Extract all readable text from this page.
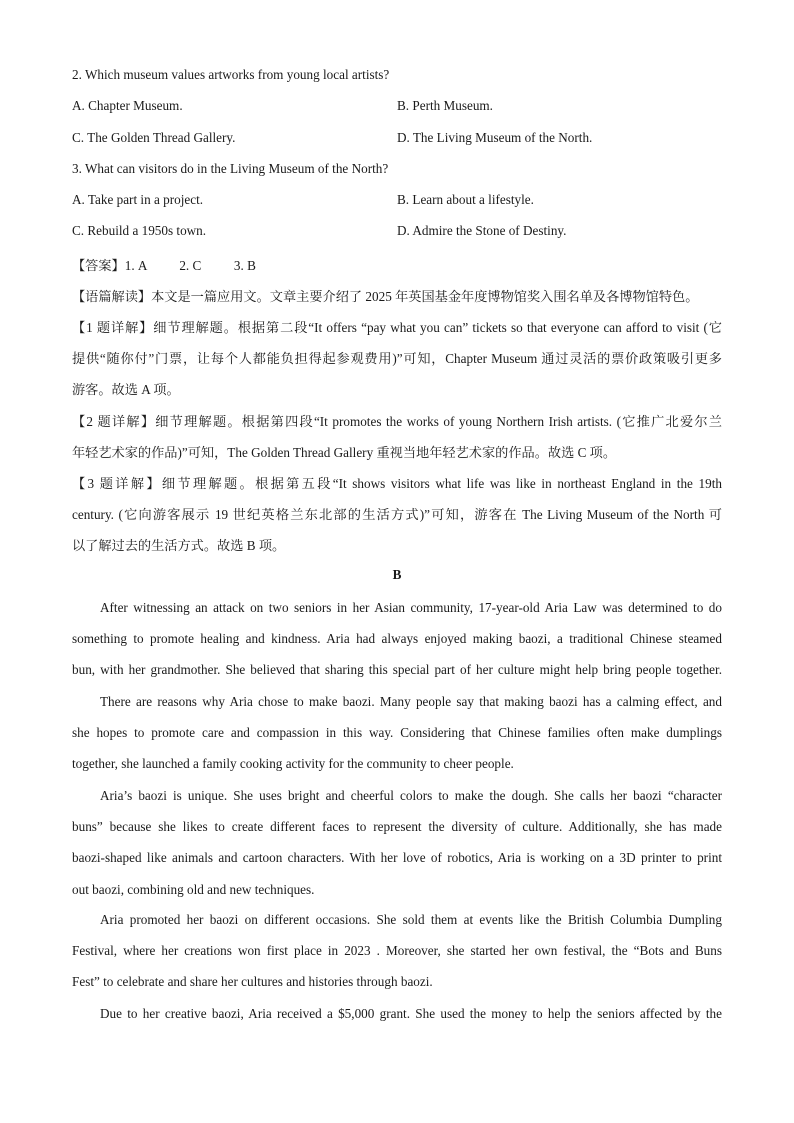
2. Which museum values artworks from young local artists?
A. Chapter Museum.	B. Perth Museum.
C. The Golden Thread Gallery.	D. The Living Museum of the North.
3. What can visitors do in the Living Museum of the North?
A. Take part in a project.	B. Learn about a lifestyle.
C. Rebuild a 1950s town.	D. Admire the Stone of Destiny.
【答案】1. A 2. C 3. B
【语篇解读】本文是一篇应用文。文章主要介绍了 2025 年英国基金年度博物馆奖入围名单及各博物馆特色。
【1 题详解】细节理解题。根据第二段“It offers “pay what you can” tickets so that everyone can afford to visit (它
提供“随你付”门票，让每个人都能负担得起参观费用)”可知，Chapter Museum 通过灵活的票价政策吸引更多
游客。故选 A 项。
【2 题详解】细节理解题。根据第四段“It promotes the works of young Northern Irish artists. (它推广北爱尔兰
年轻艺术家的作品)”可知，The Golden Thread Gallery 重视当地年轻艺术家的作品。故选 C 项。
【3 题详解】细节理解题。根据第五段“It shows visitors what life was like in northeast England in the 19th
century. (它向游客展示 19 世纪英格兰东北部的生活方式)”可知，游客在 The Living Museum of the North 可
以了解过去的生活方式。故选 B 项。
B
After witnessing an attack on two seniors in her Asian community, 17-year-old Aria Law was determined to do
something to promote healing and kindness. Aria had always enjoyed making baozi, a traditional Chinese steamed
bun, with her grandmother. She believed that sharing this special part of her culture might help bring people together.
There are reasons why Aria chose to make baozi. Many people say that making baozi has a calming effect, and
she hopes to promote care and compassion in this way. Considering that Chinese families often make dumplings
together, she launched a family cooking activity for the community to cheer people.
Aria’s baozi is unique. She uses bright and cheerful colors to make the dough. She calls her baozi “character
buns” because she likes to create different faces to represent the diversity of culture. Additionally, she has made
baozi-shaped like animals and cartoon characters. With her love of robotics, Aria is working on a 3D printer to print
out baozi, combining old and new techniques.
Aria promoted her baozi on different occasions. She sold them at events like the British Columbia Dumpling
Festival, where her creations won first place in 2023 . Moreover, she started her own festival, the “Bots and Buns
Fest” to celebrate and share her cultures and histories through baozi.
Due to her creative baozi, Aria received a $5,000 grant. She used the money to help the seniors affected by the
